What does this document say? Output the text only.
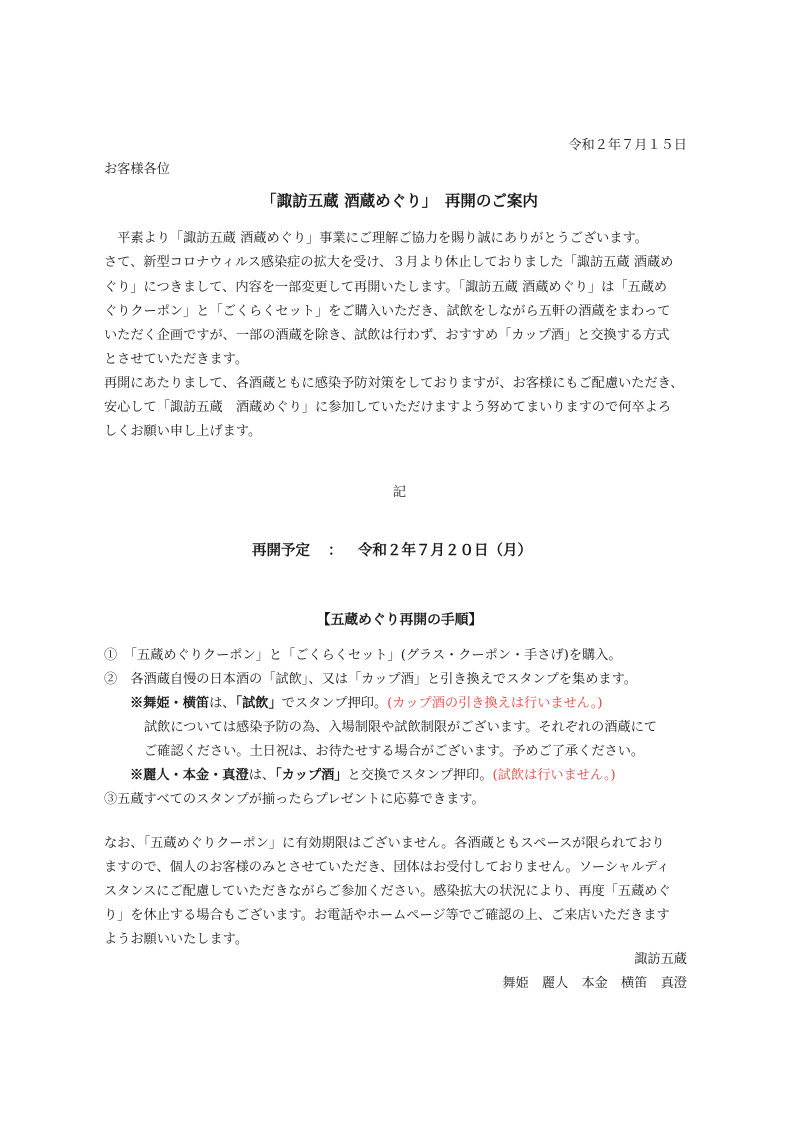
令和２年７月１５日
お客様各位
「諏訪五蔵 酒蔵めぐり」　再開のご案内
　平素より「諏訪五蔵 酒蔵めぐり」事業にご理解ご協力を賜り誠にありがとうございます。
さて、新型コロナウィルス感染症の拡大を受け、３月より休止しておりました「諏訪五蔵 酒蔵め
ぐり」につきまして、内容を一部変更して再開いたします。「諏訪五蔵 酒蔵めぐり」は「五蔵め
ぐりクーポン」と「ごくらくセット」をご購入いただき、試飲をしながら五軒の酒蔵をまわって
いただく企画ですが、一部の酒蔵を除き、試飲は行わず、おすすめ「カップ酒」と交換する方式
とさせていただきます。
再開にあたりまして、各酒蔵ともに感染予防対策をしておりますが、お客様にもご配慮いただき、
安心して「諏訪五蔵　酒蔵めぐり」に参加していただけますよう努めてまいりますので何卒よろ
しくお願い申し上げます。
記
再開予定 ： 令和２年７月２０日（月）
【五蔵めぐり再開の手順】
①　「五蔵めぐりクーポン」と「ごくらくセット」(グラス・クーポン・手さげ)を購入。
②　各酒蔵自慢の日本酒の「試飲」、又は「カップ酒」と引き換えでスタンプを集めます。
※舞姫・横笛は、「試飲」でスタンプ押印。(カップ酒の引き換えは行いません。)
試飲については感染予防の為、入場制限や試飲制限がございます。それぞれの酒蔵にて
ご確認ください。土日祝は、お待たせする場合がございます。予めご了承ください。
※麗人・本金・真澄は、「カップ酒」と交換でスタンプ押印。(試飲は行いません。)
③五蔵すべてのスタンプが揃ったらプレゼントに応募できます。
なお、「五蔵めぐりクーポン」に有効期限はございません。各酒蔵ともスペースが限られており
ますので、個人のお客様のみとさせていただき、団体はお受付しておりません。ソーシャルディ
スタンスにご配慮していただきながらご参加ください。感染拡大の状況により、再度「五蔵めぐ
り」を休止する場合もございます。お電話やホームページ等でご確認の上、ご来店いただきます
ようお願いいたします。
諏訪五蔵
舞姫　麗人　本金　横笛　真澄
